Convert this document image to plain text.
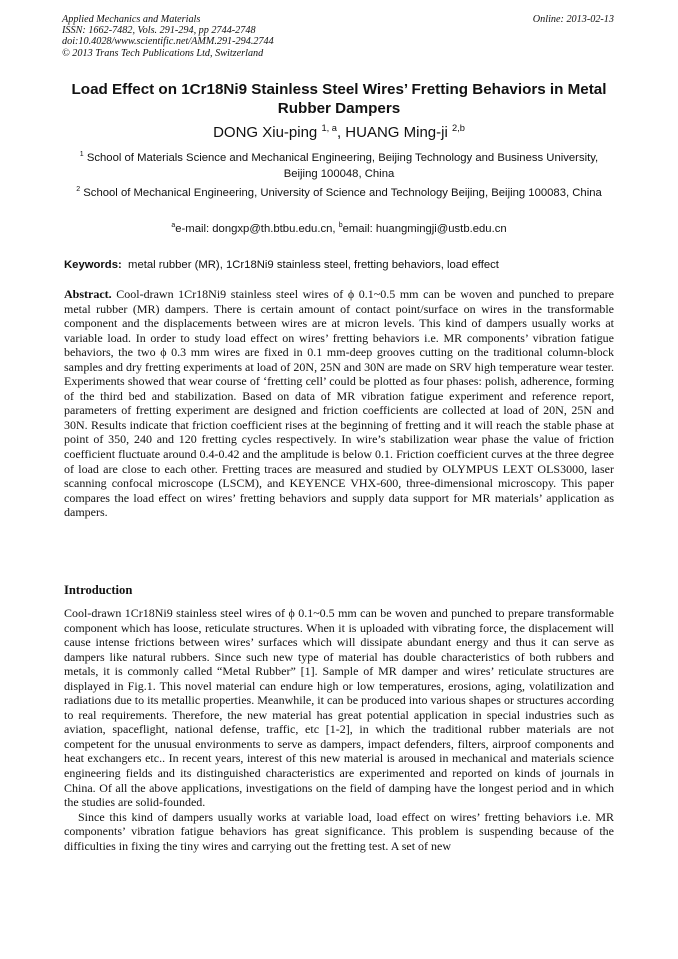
Applied Mechanics and Materials
ISSN: 1662-7482, Vols. 291-294, pp 2744-2748
doi:10.4028/www.scientific.net/AMM.291-294.2744
© 2013 Trans Tech Publications Ltd, Switzerland
Online: 2013-02-13
Load Effect on 1Cr18Ni9 Stainless Steel Wires’ Fretting Behaviors in Metal Rubber Dampers
DONG Xiu-ping $^{1, a}$, HUANG Ming-ji $^{2,b}$
$^1$ School of Materials Science and Mechanical Engineering, Beijing Technology and Business University, Beijing 100048, China
$^2$ School of Mechanical Engineering, University of Science and Technology Beijing, Beijing 100083, China
$^a$e-mail: dongxp@th.btbu.edu.cn, $^b$email: huangmingji@ustb.edu.cn
Keywords:  metal rubber (MR), 1Cr18Ni9 stainless steel, fretting behaviors, load effect
Abstract. Cool-drawn 1Cr18Ni9 stainless steel wires of ϕ 0.1~0.5 mm can be woven and punched to prepare metal rubber (MR) dampers. There is certain amount of contact point/surface on wires in the transformable component and the displacements between wires are at micron levels. This kind of dampers usually works at variable load. In order to study load effect on wires’ fretting behaviors i.e. MR components’ vibration fatigue behaviors, the two ϕ 0.3 mm wires are fixed in 0.1 mm-deep grooves cutting on the traditional column-block samples and dry fretting experiments at load of 20N, 25N and 30N are made on SRV high temperature wear tester. Experiments showed that wear course of ‘fretting cell’ could be plotted as four phases: polish, adherence, forming of the third bed and stabilization. Based on data of MR vibration fatigue experiment and reference report, parameters of fretting experiment are designed and friction coefficients are collected at load of 20N, 25N and 30N. Results indicate that friction coefficient rises at the beginning of fretting and it will reach the stable phase at point of 350, 240 and 120 fretting cycles respectively. In wire’s stabilization wear phase the value of friction coefficient fluctuate around 0.4-0.42 and the amplitude is below 0.1. Friction coefficient curves at the three degree of load are close to each other. Fretting traces are measured and studied by OLYMPUS LEXT OLS3000, laser scanning confocal microscope (LSCM), and KEYENCE VHX-600, three-dimensional microscopy. This paper compares the load effect on wires’ fretting behaviors and supply data support for MR materials’ application as dampers.
Introduction

Cool-drawn 1Cr18Ni9 stainless steel wires of ϕ 0.1~0.5 mm can be woven and punched to prepare transformable component which has loose, reticulate structures. When it is uploaded with vibrating force, the displacement will cause intense frictions between wires’ surfaces which will dissipate abundant energy and thus it can serve as dampers like natural rubbers. Since such new type of material has double characteristics of both rubbers and metals, it is commonly called “Metal Rubber” [1]. Sample of MR damper and wires’ reticulate structures are displayed in Fig.1. This novel material can endure high or low temperatures, erosions, aging, volatilization and radiations due to its metallic properties. Meanwhile, it can be produced into various shapes or structures according to real requirements. Therefore, the new material has great potential application in special industries such as aviation, spaceflight, national defense, traffic, etc [1-2], in which the traditional rubber materials are not competent for the unusual environments to serve as dampers, impact defenders, filters, airproof components and heat exchangers etc.. In recent years, interest of this new material is aroused in mechanical and materials science engineering fields and its distinguished characteristics are experimented and reported on kinds of journals in China. Of all the above applications, investigations on the field of damping have the longest period and in which the studies are solid-founded.

Since this kind of dampers usually works at variable load, load effect on wires’ fretting behaviors i.e. MR components’ vibration fatigue behaviors has great significance. This problem is suspending because of the difficulties in fixing the tiny wires and carrying out the fretting test. A set of new
